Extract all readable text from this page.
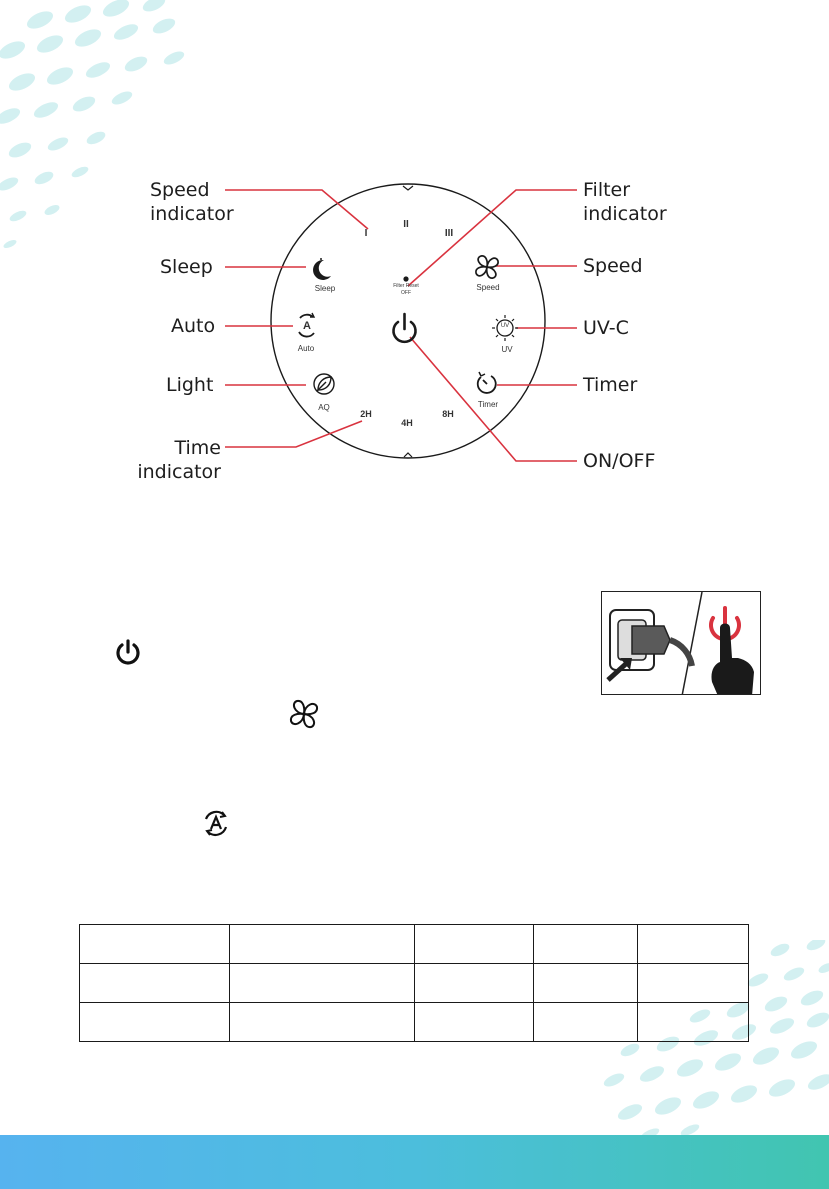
I
II
III
Sleep
A
Auto
AQ
Filter Reset
OFF
Speed
UV
UV
Timer
2H
4H
8H
Speed
indicator
Sleep
Auto
Light
Time
indicator
Filter
indicator
Speed
UV-C
Timer
ON/OFF
